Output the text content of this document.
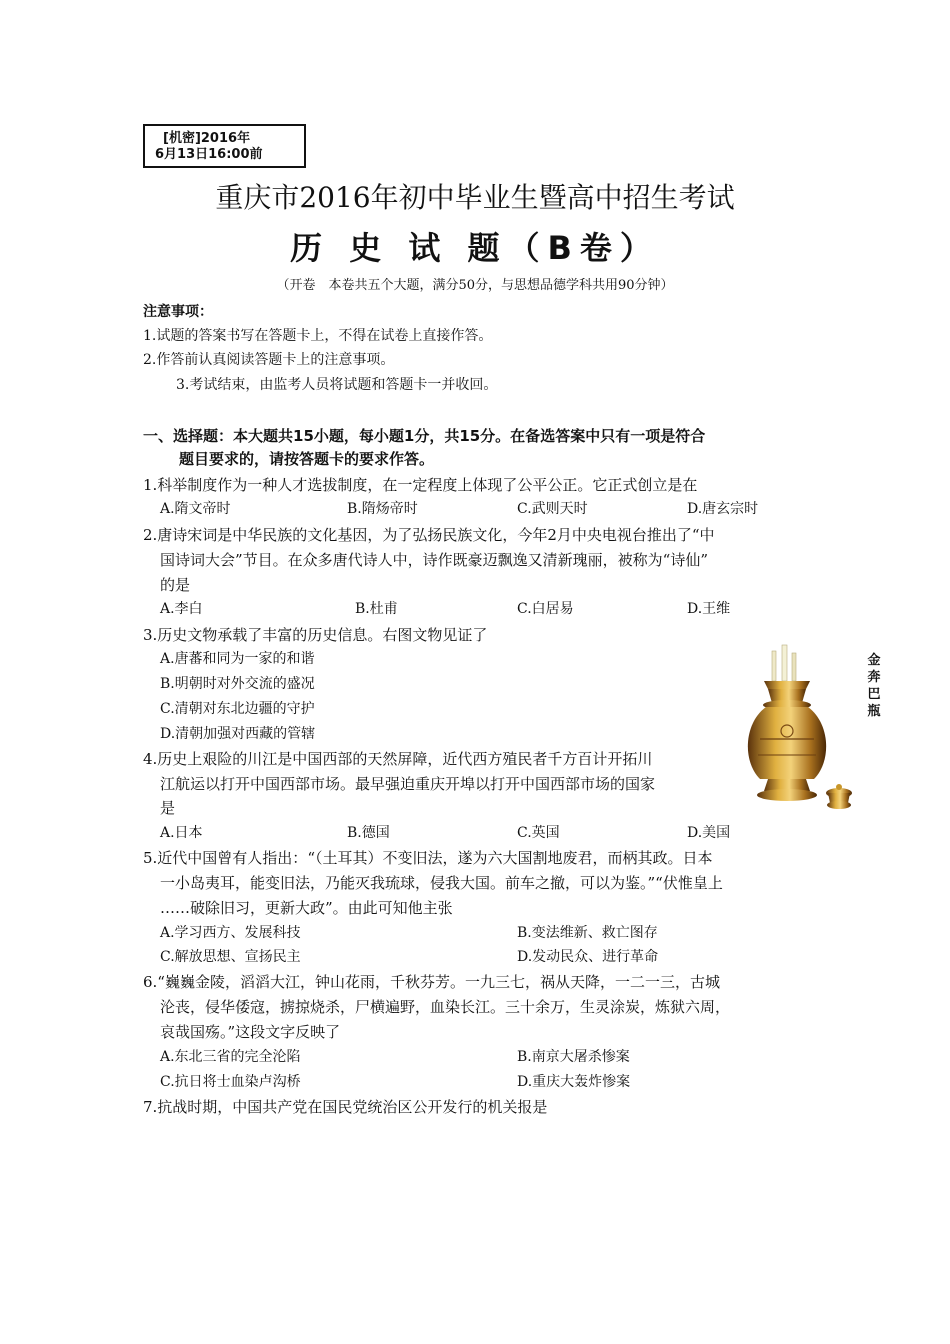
[机密]2016年
6月13日16:00前
重庆市2016年初中毕业生暨高中招生考试
历 史 试 题（B卷）
（开卷　本卷共五个大题，满分50分，与思想品德学科共用90分钟）
注意事项：
1.试题的答案书写在答题卡上，不得在试卷上直接作答。
2.作答前认真阅读答题卡上的注意事项。
3.考试结束，由监考人员将试题和答题卡一并收回。
一、选择题：本大题共15小题，每小题1分，共15分。在备选答案中只有一项是符合
题目要求的，请按答题卡的要求作答。
1.科举制度作为一种人才选拔制度，在一定程度上体现了公平公正。它正式创立是在
A.隋文帝时	B.隋炀帝时	C.武则天时	D.唐玄宗时
2.唐诗宋词是中华民族的文化基因，为了弘扬民族文化，今年2月中央电视台推出了“中
国诗词大会”节目。在众多唐代诗人中，诗作既豪迈飘逸又清新瑰丽，被称为“诗仙”
的是
A.李白	B.杜甫	C.白居易	D.王维
3.历史文物承载了丰富的历史信息。右图文物见证了
A.唐蕃和同为一家的和谐
B.明朝时对外交流的盛况
C.清朝对东北边疆的守护
D.清朝加强对西藏的管辖
金奔巴瓶
4.历史上艰险的川江是中国西部的天然屏障，近代西方殖民者千方百计开拓川
江航运以打开中国西部市场。最早强迫重庆开埠以打开中国西部市场的国家
是
A.日本	B.德国	C.英国	D.美国
5.近代中国曾有人指出：“（土耳其）不变旧法，遂为六大国割地废君，而柄其政。日本
一小岛夷耳，能变旧法，乃能灭我琉球，侵我大国。前车之撤，可以为鉴。”“伏惟皇上
……破除旧习，更新大政”。由此可知他主张
A.学习西方、发展科技	B.变法维新、救亡图存
C.解放思想、宣扬民主	D.发动民众、进行革命
6.“巍巍金陵，滔滔大江，钟山花雨，千秋芬芳。一九三七，祸从天降，一二一三，古城
沦丧，侵华倭寇，掳掠烧杀，尸横遍野，血染长江。三十余万，生灵涂炭，炼狱六周，
哀哉国殇。”这段文字反映了
A.东北三省的完全沦陷	B.南京大屠杀惨案
C.抗日将士血染卢沟桥	D.重庆大轰炸惨案
7.抗战时期，中国共产党在国民党统治区公开发行的机关报是
